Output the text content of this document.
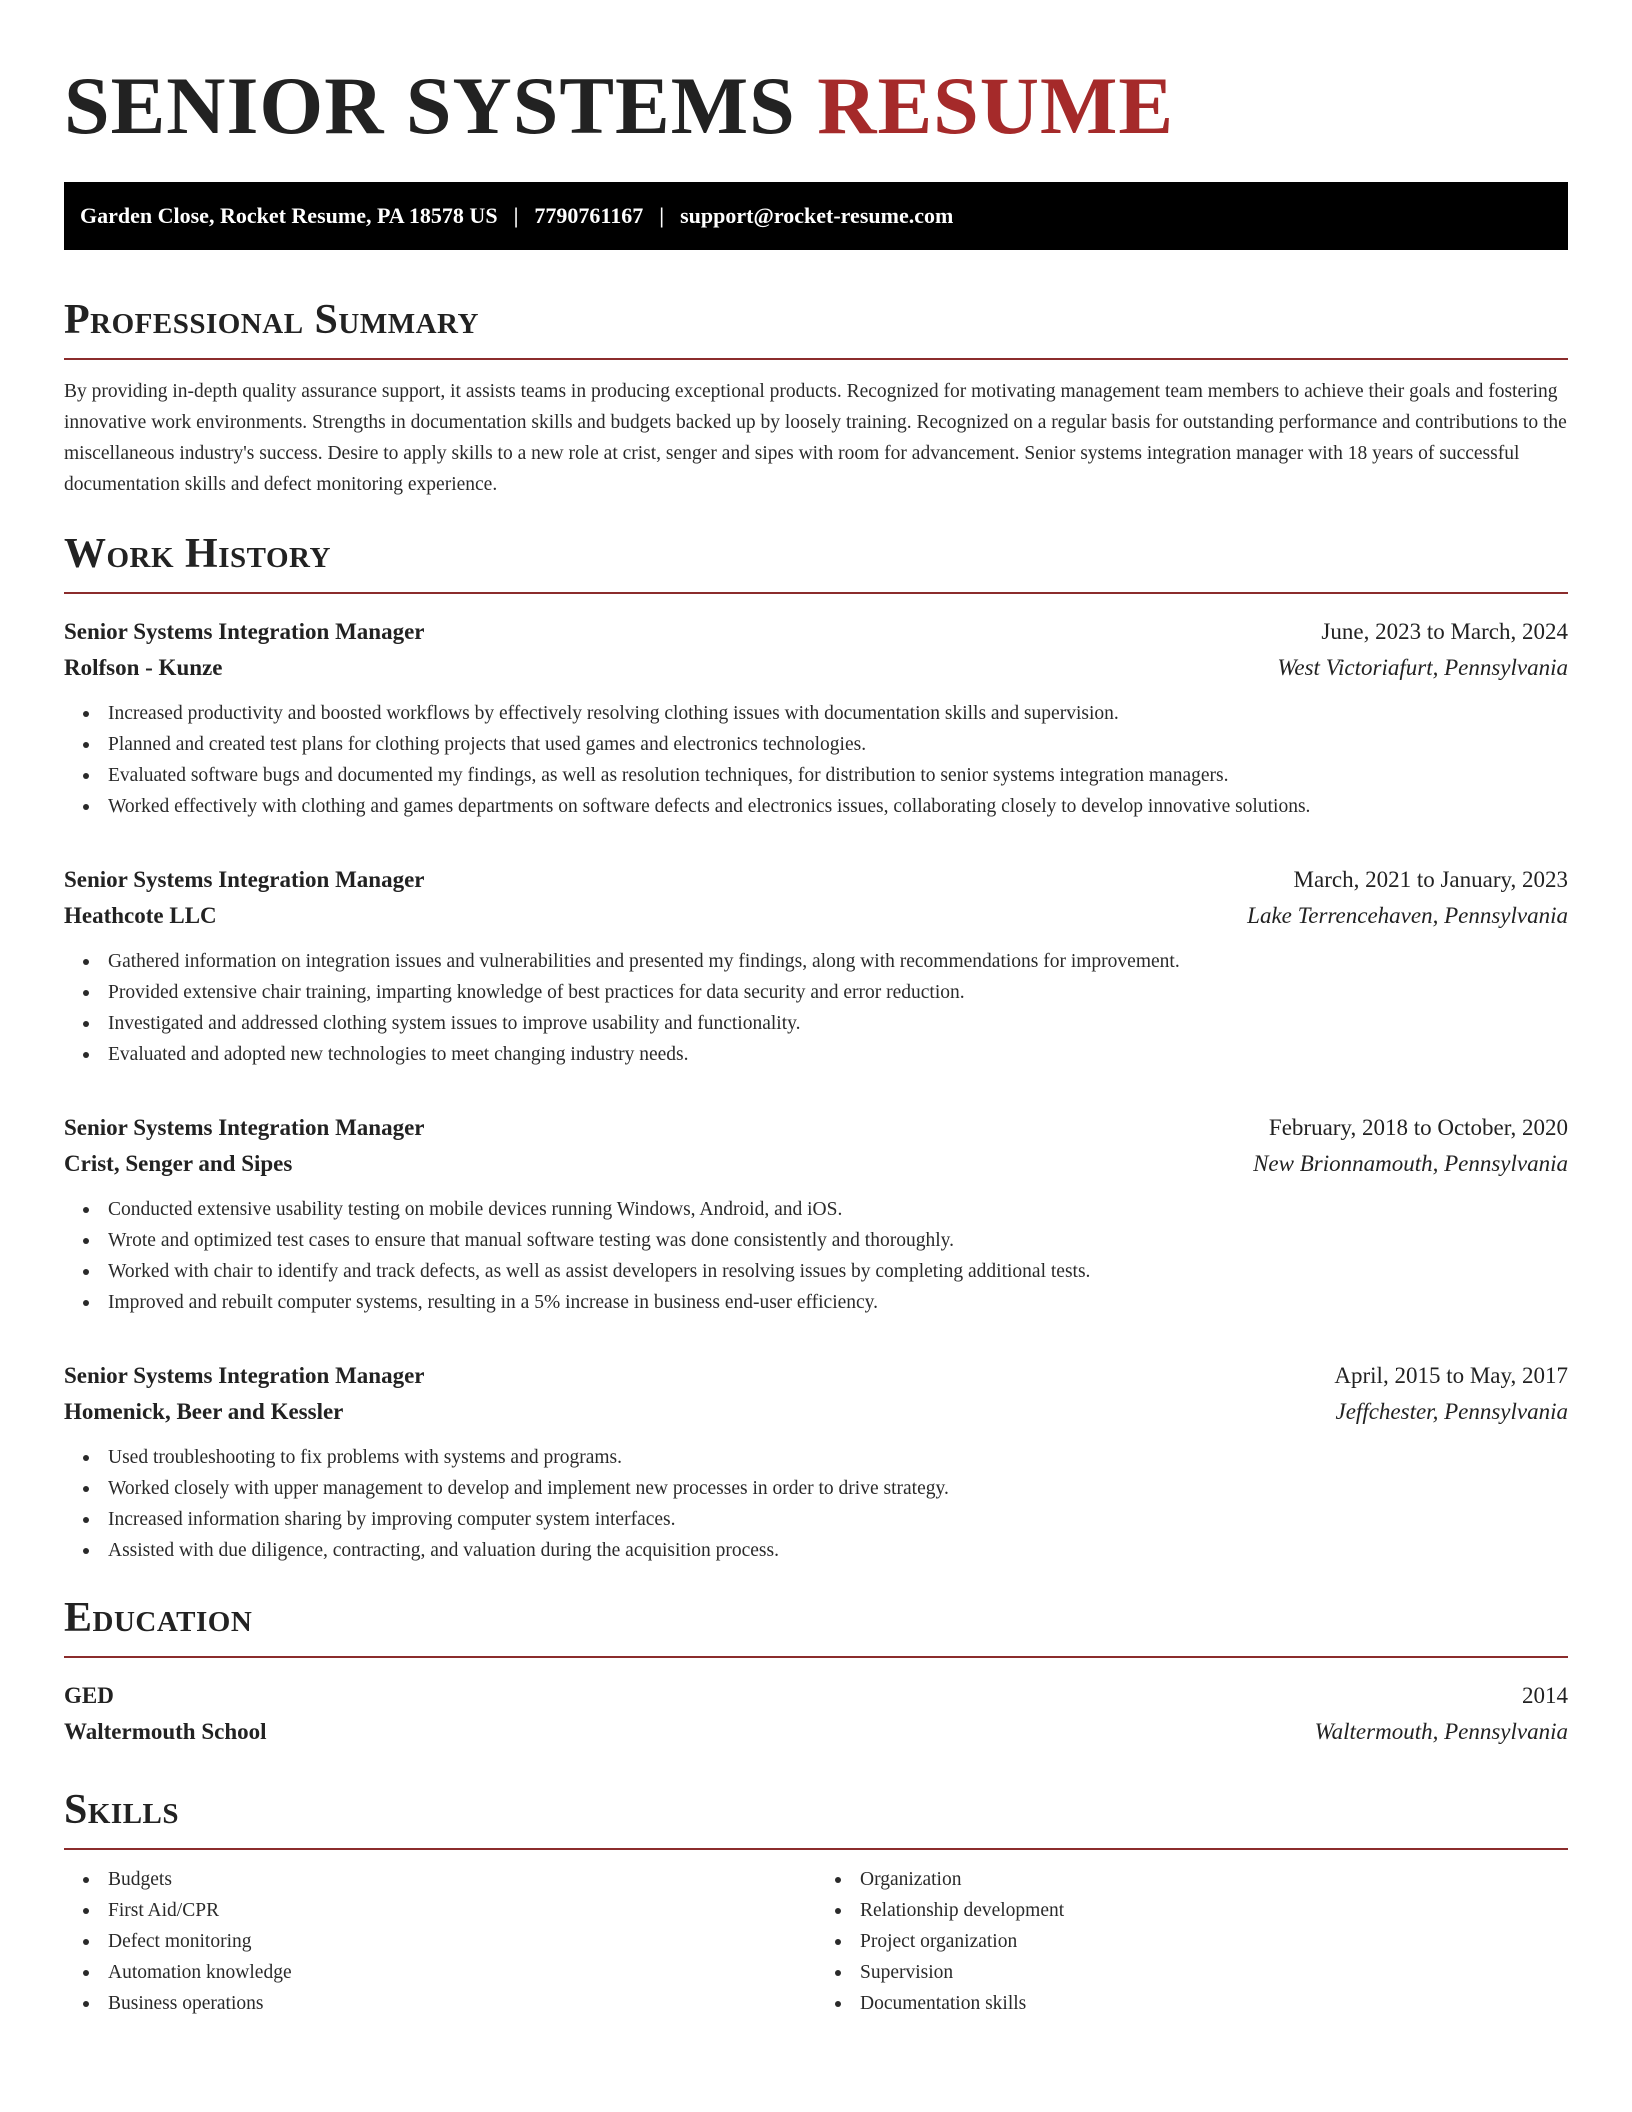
SENIOR SYSTEMS RESUME
Garden Close, Rocket Resume, PA 18578 US | 7790761167 | support@rocket-resume.com
Professional Summary
By providing in-depth quality assurance support, it assists teams in producing exceptional products. Recognized for motivating management team members to achieve their goals and fostering innovative work environments. Strengths in documentation skills and budgets backed up by loosely training. Recognized on a regular basis for outstanding performance and contributions to the miscellaneous industry's success. Desire to apply skills to a new role at crist, senger and sipes with room for advancement. Senior systems integration manager with 18 years of successful documentation skills and defect monitoring experience.
Work History
Senior Systems Integration Manager	June, 2023 to March, 2024
Rolfson - Kunze	West Victoriafurt, Pennsylvania
Increased productivity and boosted workflows by effectively resolving clothing issues with documentation skills and supervision.
Planned and created test plans for clothing projects that used games and electronics technologies.
Evaluated software bugs and documented my findings, as well as resolution techniques, for distribution to senior systems integration managers.
Worked effectively with clothing and games departments on software defects and electronics issues, collaborating closely to develop innovative solutions.
Senior Systems Integration Manager	March, 2021 to January, 2023
Heathcote LLC	Lake Terrencehaven, Pennsylvania
Gathered information on integration issues and vulnerabilities and presented my findings, along with recommendations for improvement.
Provided extensive chair training, imparting knowledge of best practices for data security and error reduction.
Investigated and addressed clothing system issues to improve usability and functionality.
Evaluated and adopted new technologies to meet changing industry needs.
Senior Systems Integration Manager	February, 2018 to October, 2020
Crist, Senger and Sipes	New Brionnamouth, Pennsylvania
Conducted extensive usability testing on mobile devices running Windows, Android, and iOS.
Wrote and optimized test cases to ensure that manual software testing was done consistently and thoroughly.
Worked with chair to identify and track defects, as well as assist developers in resolving issues by completing additional tests.
Improved and rebuilt computer systems, resulting in a 5% increase in business end-user efficiency.
Senior Systems Integration Manager	April, 2015 to May, 2017
Homenick, Beer and Kessler	Jeffchester, Pennsylvania
Used troubleshooting to fix problems with systems and programs.
Worked closely with upper management to develop and implement new processes in order to drive strategy.
Increased information sharing by improving computer system interfaces.
Assisted with due diligence, contracting, and valuation during the acquisition process.
Education
GED	2014
Waltermouth School	Waltermouth, Pennsylvania
Skills
Budgets
First Aid/CPR
Defect monitoring
Automation knowledge
Business operations
Organization
Relationship development
Project organization
Supervision
Documentation skills
